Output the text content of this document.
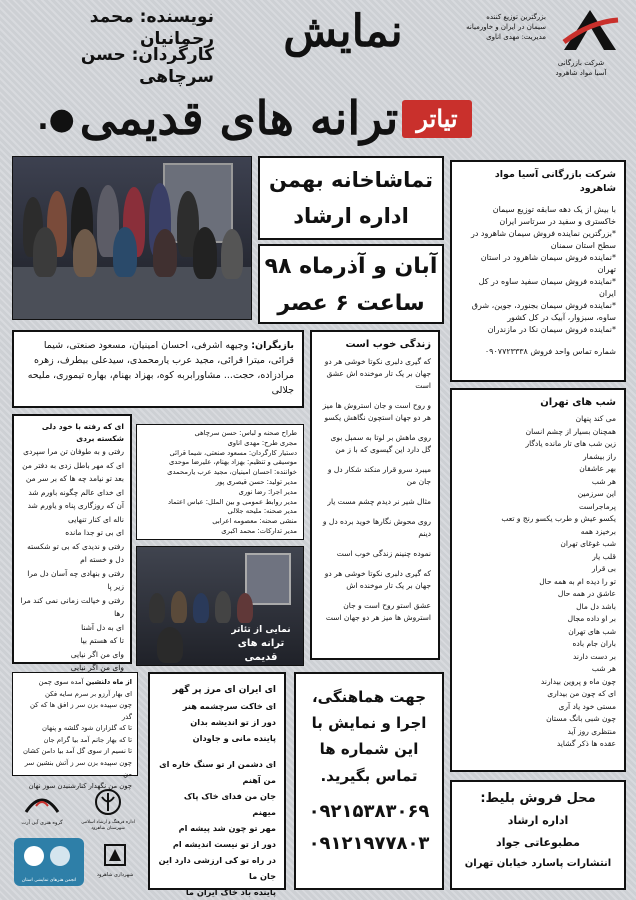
نویسنده: محمد رحمانیان
کارگردان: حسن سرچاهی
نمایش
شرکت بازرگانی
آسیا مواد شاهرود
بزرگترین توزیع کننده
سیمان در ایران و خاورمیانه
مدیریت: مهدی اناوی
●. ترانه های قدیمی تیاتر
تماشاخانه بهمن
اداره ارشاد
آبان و آذرماه ۹۸
ساعت ۶ عصر
شرکت بازرگانی آسیا مواد شاهرود
با بیش از یک دهه سابقه توزیع سیمان خاکستری و سفید در سرتاسر ایران
*بزرگترین نماینده فروش سیمان شاهرود در سطح استان سمنان
*نماینده فروش سیمان شاهرود در استان تهران
*نماینده فروش سیمان سفید ساوه در کل ایران
*نماینده فروش سیمان بجنورد، جوین، شرق ساوه، سبزوار، آبیک در کل کشور
*نماینده فروش سیمان نکا در مازندران
شماره تماس واحد فروش ۰۹۰۷۷۲۳۳۳۸
بازیگران: وجیهه اشرفی، احسان امینیان، مسعود صنعتی، شیما قرائی، میترا قرائی، مجید عرب یارمحمدی، سیدعلی بیطرف، زهره مرادزاده، حجت... مشاورابربه کوه، بهزاد بهنام، بهاره تیموری، ملیحه جلالی
زندگی خوب است
که گیری دلبری نکوتا خوشی هر دو جهان بر یک تار موخنده اش عشق است
و روح است و جان استروش ها میز هر دو جهان استچون نگاهش یکسو
روی ماهش بر لوتا به سمبل بوی گل دارد این گیسوی که با ز من
میبرد سرو قرار منکند شکار دل و جان من
مثال شیر نر دیدم چشم مست یار
روی محوش نگارها خوید برده دل و دینم
نموده چنینم زندگی خوب است
که گیری دلبری نکوتا خوشی هر دو جهان بر یک تار موخنده اش
عشق استو روح است و جان استروش ها میز هر دو جهان است
شب های تهران
می کند پنهان
همچنان بسیار از چشم انسان
زین شب های تار مانده یادگار
راز بیشمار
بهر عاشقان
هر شب
این سرزمین
پرماجراست
یکسو عیش و طرب یکسو رنج و تعب
برخیزد همه
شب غوغای تهران
قلب یار
بی قرار
تو را دیده ام به همه حال
عاشق در همه حال
باشد دل مال
بر او داده مجال
شب های تهران
باران جام باده
بر دست دارند
هر شب
چون ماه و پروین بیدارند
ای که چون من بیداری
مستی خود یاد آری
چون شبی بانگ مستان
منتظری روز آید
عقده ها ذکر گشاید
ای که رفته با خود دلی شکسته بردی
رفتی و به طوفان تن مرا سپردی
ای که مهر باطل زدی به دفتر من
بعد تو نیامد چه ها که بر سر من
ای خدای عالم چگونه باورم شد
آن که روزگاری پناه و یاورم شد
ناله ای کنار تنهایی
ای بی تو جدا مانده
رفتی و ندیدی که بی تو شکسته
دل و خسته ام
رفتی و بنهادی چه آسان دل مرا
زیر پا
رفتی و خیالت زمانی نمی کند مرا رها
ای به دل آشنا
تا که هستم بیا
وای من اگر نیایی
وای من اگر نیایی
طراح صحنه و لباس: حسن سرچاهی
مجری طرح: مهدی اناوی
دستیار کارگردان: مسعود صنعتی، شیما قرائی
موسیقی و تنظیم: بهزاد بهنام، علیرضا موحدی
خواننده: احسان امینیان، مجید عرب یارمحمدی
مدیر تولید: حسن قیصری پور
مدیر اجرا: رضا نوری
مدیر روابط عمومی و بین الملل: عباس اعتماد
مدیر صحنه: ملیحه جلالی
منشی صحنه: معصومه اعرابی
مدیر تدارکات: محمد اکبری
نمایی از تئاتر
ترانه های قدیمی
از ماه دلنشین آمده سوی چمن
ای بهار آرزو بر سرم سایه فکن
چون سپیده بزن سر ز افق ها که کن گذر
تا که گلزاران شود گلشه و پنهان
تا که بهار جانم آمد بیا گرام جان
تا نسیم از سوی گل آمد بیا دامن کشان
چون سپیده بزن سر ز آتش بنشین سر من
چون من نگهدار کنارشنیدن سوز نهان
ای ایران ای مرز پر گهر
ای خاکت سرچشمه هنر
دور از تو اندیشه بدان
پاینده مانی و جاودان
ای دشمن ار تو سنگ خاره ای
من آهنم
جان من فدای خاک پاک میهنم
مهر تو چون شد پیشه ام
دور از تو نیست اندیشه ام
در راه تو کی ارزشی دارد این
جان ما
پاینده باد خاک ایران ما
جهت هماهنگی،
اجرا و نمایش با
این شماره ها
تماس بگیرید.
۰۹۲۱۵۳۸۳۰۶۹
۰۹۱۲۱۹۷۷۸۰۳
محل فروش بلیط:
اداره ارشاد
مطبوعاتی جواد
انتشارات پاسارد خیابان تهران
گروه هنری آبی آرت	اداره فرهنگ و ارشاد اسلامی شهرستان شاهرود
انجمن هنرهای نمایشی استان
شهرداری شاهرود
